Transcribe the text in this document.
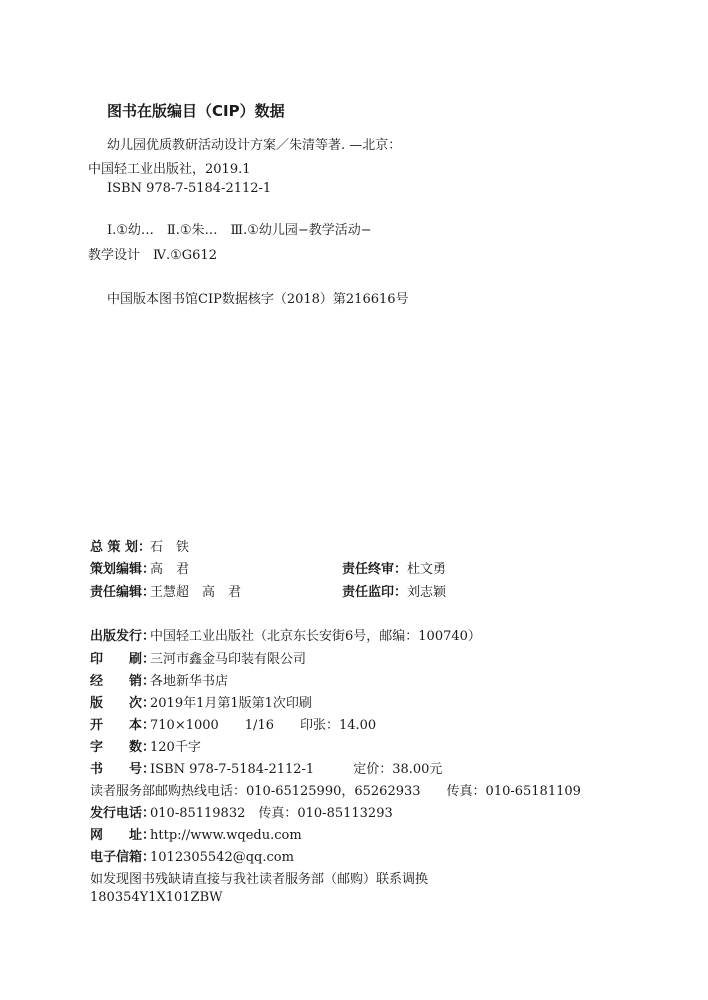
图书在版编目（CIP）数据
幼儿园优质教研活动设计方案／朱清等著. —北京：
中国轻工业出版社，2019.1
ISBN 978-7-5184-2112-1
Ⅰ.①幼…　Ⅱ.①朱…　Ⅲ.①幼儿园−教学活动−
教学设计　Ⅳ.①G612
中国版本图书馆CIP数据核字（2018）第216616号
总 策 划：石　铁
策划编辑：高　君	责任终审：杜文勇
责任编辑：王慧超　高　君	责任监印：刘志颖
出版发行：中国轻工业出版社（北京东长安街6号，邮编：100740）
印　　刷：三河市鑫金马印装有限公司
经　　销：各地新华书店
版　　次：2019年1月第1版第1次印刷
开　　本：710×1000　　1/16　　印张：14.00
字　　数：120千字
书　　号：ISBN 978-7-5184-2112-1　　　定价：38.00元
读者服务部邮购热线电话：010-65125990，65262933　　传真：010-65181109
发行电话：010-85119832　传真：010-85113293
网　　址：http://www.wqedu.com
电子信箱：1012305542@qq.com
如发现图书残缺请直接与我社读者服务部（邮购）联系调换
180354Y1X101ZBW
